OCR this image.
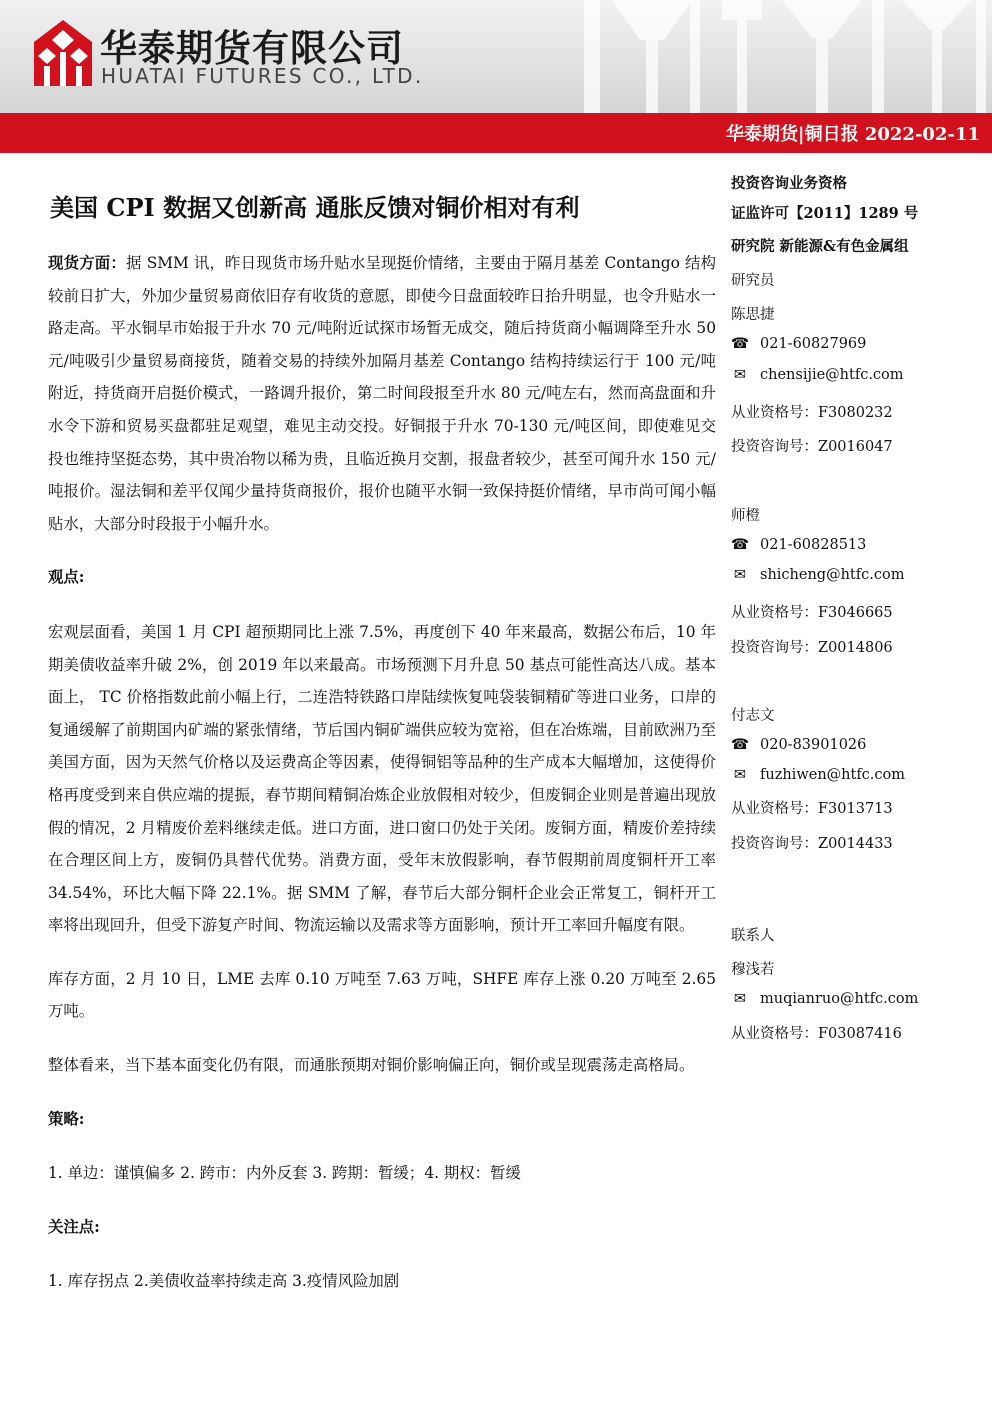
华泰期货有限公司
HUATAI FUTURES CO., LTD.
华泰期货|铜日报 2022-02-11
美国 CPI 数据又创新高 通胀反馈对铜价相对有利

现货方面：据 SMM 讯，昨日现货市场升贴水呈现挺价情绪，主要由于隔月基差 Contango 结构较前日扩大，外加少量贸易商依旧存有收货的意愿，即使今日盘面较昨日抬升明显，也令升贴水一路走高。平水铜早市始报于升水 70 元/吨附近试探市场暂无成交，随后持货商小幅调降至升水 50 元/吨吸引少量贸易商接货，随着交易的持续外加隔月基差 Contango 结构持续运行于 100 元/吨附近，持货商开启挺价模式，一路调升报价，第二时间段报至升水 80 元/吨左右，然而高盘面和升水令下游和贸易买盘都驻足观望，难见主动交投。好铜报于升水 70-130 元/吨区间，即使难见交投也维持坚挺态势，其中贵冶物以稀为贵，且临近换月交割，报盘者较少，甚至可闻升水 150 元/吨报价。湿法铜和差平仅闻少量持货商报价，报价也随平水铜一致保持挺价情绪，早市尚可闻小幅贴水，大部分时段报于小幅升水。

观点:

宏观层面看，美国 1 月 CPI 超预期同比上涨 7.5%，再度创下 40 年来最高，数据公布后，10 年期美债收益率升破 2%，创 2019 年以来最高。市场预测下月升息 50 基点可能性高达八成。基本面上， TC 价格指数此前小幅上行，二连浩特铁路口岸陆续恢复吨袋装铜精矿等进口业务，口岸的复通缓解了前期国内矿端的紧张情绪，节后国内铜矿端供应较为宽裕，但在冶炼端，目前欧洲乃至美国方面，因为天然气价格以及运费高企等因素，使得铜铝等品种的生产成本大幅增加，这使得价格再度受到来自供应端的提振，春节期间精铜冶炼企业放假相对较少，但废铜企业则是普遍出现放假的情况，2 月精废价差料继续走低。进口方面，进口窗口仍处于关闭。废铜方面，精废价差持续在合理区间上方，废铜仍具替代优势。消费方面，受年末放假影响，春节假期前周度铜杆开工率 34.54%，环比大幅下降 22.1%。据 SMM 了解，春节后大部分铜杆企业会正常复工，铜杆开工率将出现回升，但受下游复产时间、物流运输以及需求等方面影响，预计开工率回升幅度有限。

库存方面，2 月 10 日，LME 去库 0.10 万吨至 7.63 万吨，SHFE 库存上涨 0.20 万吨至 2.65 万吨。

整体看来，当下基本面变化仍有限，而通胀预期对铜价影响偏正向，铜价或呈现震荡走高格局。

策略:

1. 单边：谨慎偏多 2. 跨市：内外反套 3. 跨期：暂缓；4. 期权：暂缓

关注点:

1. 库存拐点 2.美债收益率持续走高 3.疫情风险加剧

投资咨询业务资格
证监许可【2011】1289 号
研究院 新能源&有色金属组
研究员
陈思捷
☎ 021-60827969
✉ chensijie@htfc.com
从业资格号：F3080232
投资咨询号：Z0016047
师橙
☎ 021-60828513
✉ shicheng@htfc.com
从业资格号：F3046665
投资咨询号：Z0014806
付志文
☎ 020-83901026
✉ fuzhiwen@htfc.com
从业资格号：F3013713
投资咨询号：Z0014433
联系人
穆浅若
✉ muqianruo@htfc.com
从业资格号：F03087416
